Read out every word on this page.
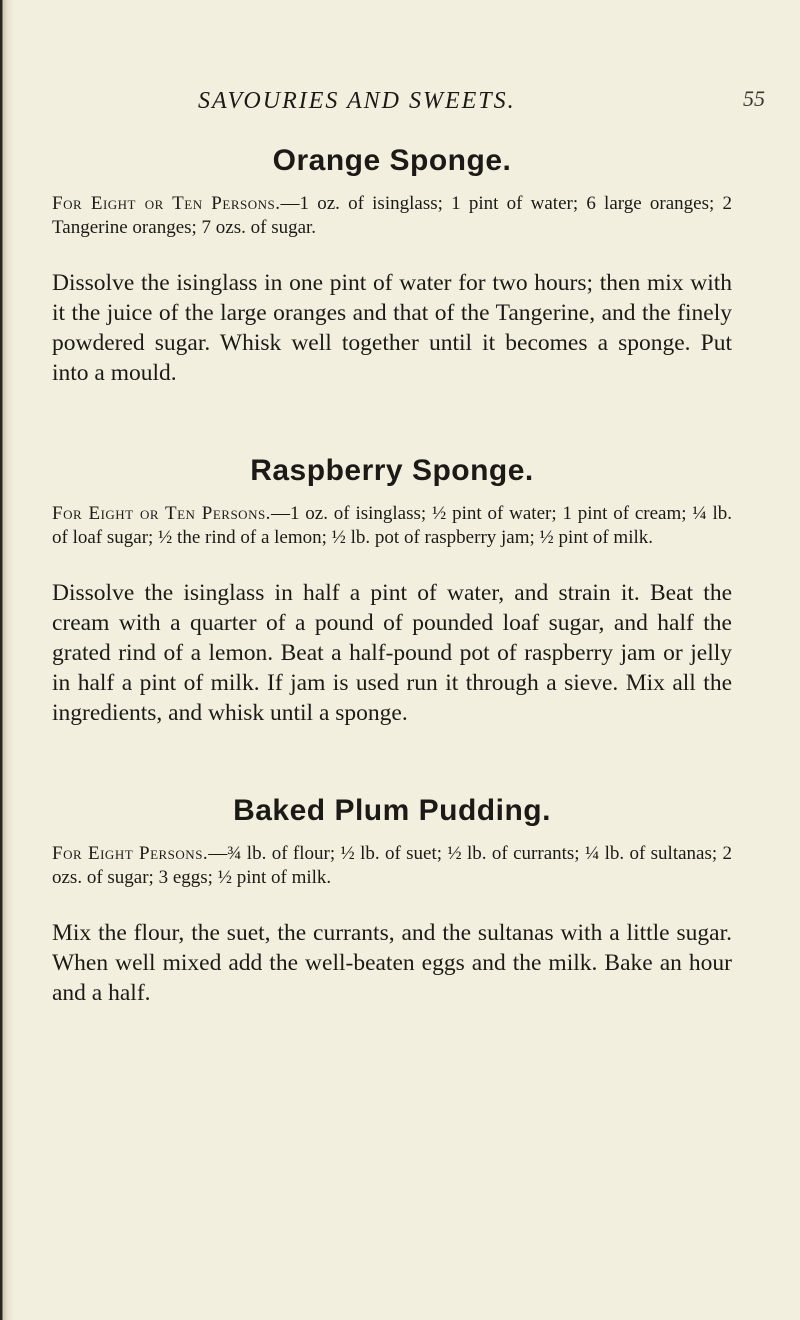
SAVOURIES AND SWEETS.	55
Orange Sponge.

For Eight or Ten Persons.—1 oz. of isinglass; 1 pint of water; 6 large oranges; 2 Tangerine oranges; 7 ozs. of sugar.

Dissolve the isinglass in one pint of water for two hours; then mix with it the juice of the large oranges and that of the Tangerine, and the finely powdered sugar. Whisk well together until it becomes a sponge. Put into a mould.

Raspberry Sponge.

For Eight or Ten Persons.—1 oz. of isinglass; ½ pint of water; 1 pint of cream; ¼ lb. of loaf sugar; ½ the rind of a lemon; ½ lb. pot of raspberry jam; ½ pint of milk.

Dissolve the isinglass in half a pint of water, and strain it. Beat the cream with a quarter of a pound of pounded loaf sugar, and half the grated rind of a lemon. Beat a half-pound pot of raspberry jam or jelly in half a pint of milk. If jam is used run it through a sieve. Mix all the ingredients, and whisk until a sponge.

Baked Plum Pudding.

For Eight Persons.—¾ lb. of flour; ½ lb. of suet; ½ lb. of currants; ¼ lb. of sultanas; 2 ozs. of sugar; 3 eggs; ½ pint of milk.

Mix the flour, the suet, the currants, and the sultanas with a little sugar. When well mixed add the well-beaten eggs and the milk. Bake an hour and a half.
